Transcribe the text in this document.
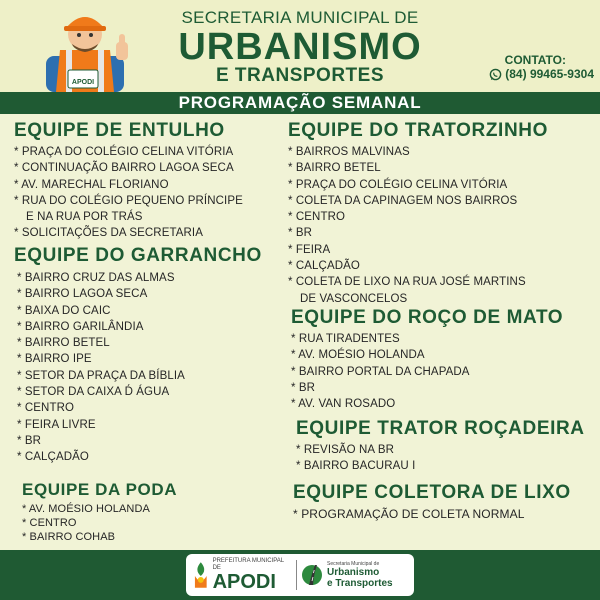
APODI
SECRETARIA MUNICIPAL DE
URBANISMO
E TRANSPORTES
CONTATO:
(84) 99465-9304
PROGRAMAÇÃO SEMANAL
EQUIPE DE ENTULHO
* PRAÇA DO COLÉGIO CELINA VITÓRIA
* CONTINUAÇÃO BAIRRO LAGOA SECA
* AV. MARECHAL FLORIANO
* RUA DO COLÉGIO PEQUENO PRÍNCIPE
E NA RUA POR TRÁS
* SOLICITAÇÕES DA SECRETARIA
EQUIPE DO GARRANCHO
* BAIRRO CRUZ DAS ALMAS
* BAIRRO LAGOA SECA
* BAIXA DO CAIC
* BAIRRO GARILÂNDIA
* BAIRRO BETEL
* BAIRRO IPE
* SETOR DA PRAÇA DA BÍBLIA
* SETOR DA CAIXA D́ ÁGUA
* CENTRO
* FEIRA LIVRE
* BR
* CALÇADÃO
EQUIPE DA PODA
* AV. MOÉSIO HOLANDA
* CENTRO
* BAIRRO COHAB
EQUIPE DO TRATORZINHO
* BAIRROS MALVINAS
* BAIRRO BETEL
* PRAÇA DO COLÉGIO CELINA VITÓRIA
* COLETA DA CAPINAGEM NOS BAIRROS
* CENTRO
* BR
* FEIRA
* CALÇADÃO
* COLETA DE LIXO NA RUA JOSÉ MARTINS
DE VASCONCELOS
EQUIPE DO ROÇO DE MATO
* RUA TIRADENTES
* AV. MOÉSIO HOLANDA
* BAIRRO PORTAL DA CHAPADA
* BR
* AV. VAN ROSADO
EQUIPE TRATOR ROÇADEIRA
* REVISÃO NA BR
* BAIRRO BACURAU I
EQUIPE COLETORA DE LIXO
* PROGRAMAÇÃO DE COLETA NORMAL
PREFEITURA MUNICIPAL DE
APODI
Secretaria Municipal de
Urbanismo
e Transportes
